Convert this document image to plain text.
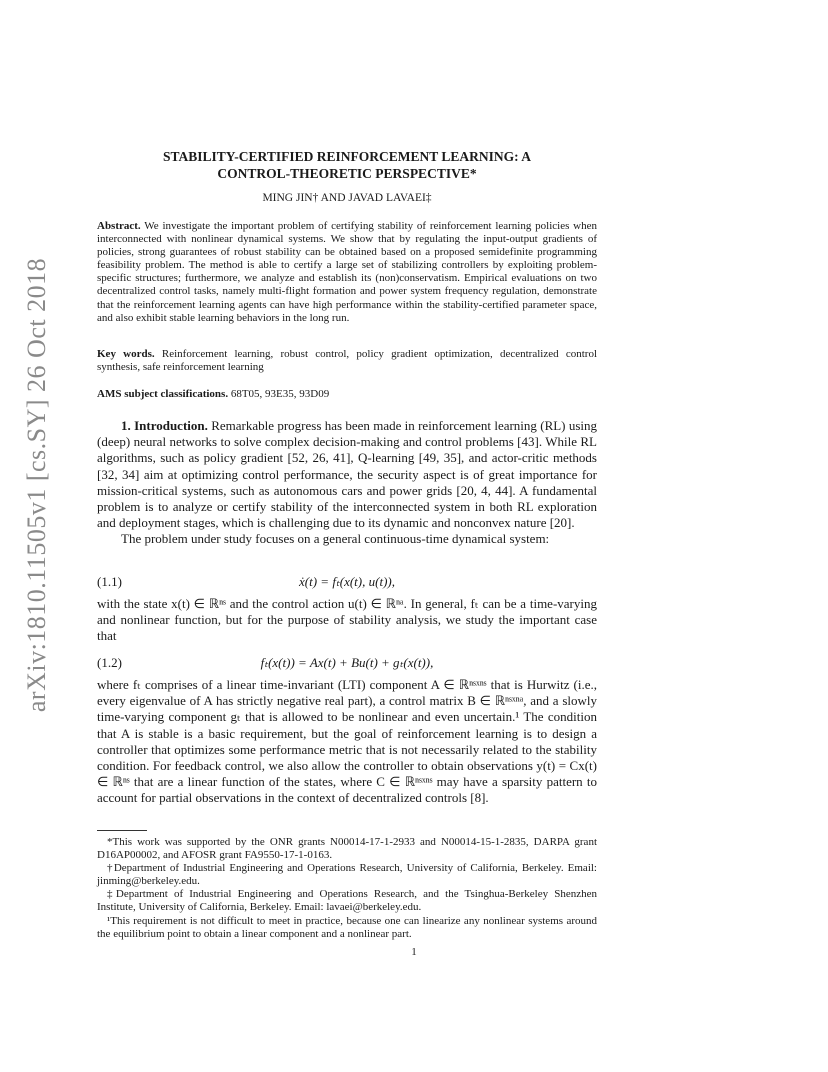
arXiv:1810.11505v1 [cs.SY] 26 Oct 2018
STABILITY-CERTIFIED REINFORCEMENT LEARNING: A
CONTROL-THEORETIC PERSPECTIVE*
MING JIN† AND JAVAD LAVAEI‡

Abstract. We investigate the important problem of certifying stability of reinforcement learning policies when interconnected with nonlinear dynamical systems. We show that by regulating the input-output gradients of policies, strong guarantees of robust stability can be obtained based on a proposed semidefinite programming feasibility problem. The method is able to certify a large set of stabilizing controllers by exploiting problem-specific structures; furthermore, we analyze and establish its (non)conservatism. Empirical evaluations on two decentralized control tasks, namely multi-flight formation and power system frequency regulation, demonstrate that the reinforcement learning agents can have high performance within the stability-certified parameter space, and also exhibit stable learning behaviors in the long run.

Key words. Reinforcement learning, robust control, policy gradient optimization, decentralized control synthesis, safe reinforcement learning

AMS subject classifications. 68T05, 93E35, 93D09

1. Introduction. Remarkable progress has been made in reinforcement learning (RL) using (deep) neural networks to solve complex decision-making and control problems [43]. While RL algorithms, such as policy gradient [52, 26, 41], Q-learning [49, 35], and actor-critic methods [32, 34] aim at optimizing control performance, the security aspect is of great importance for mission-critical systems, such as autonomous cars and power grids [20, 4, 44]. A fundamental problem is to analyze or certify stability of the interconnected system in both RL exploration and deployment stages, which is challenging due to its dynamic and nonconvex nature [20].

The problem under study focuses on a general continuous-time dynamical system:

(1.1)	ẋ(t) = fₜ(x(t), u(t)),
with the state x(t) ∈ ℝⁿˢ and the control action u(t) ∈ ℝⁿᵃ. In general, fₜ can be a time-varying and nonlinear function, but for the purpose of stability analysis, we study the important case that
(1.2)	fₜ(x(t)) = Ax(t) + Bu(t) + gₜ(x(t)),
where fₜ comprises of a linear time-invariant (LTI) component A ∈ ℝⁿˢˣⁿˢ that is Hurwitz (i.e., every eigenvalue of A has strictly negative real part), a control matrix B ∈ ℝⁿˢˣⁿᵃ, and a slowly time-varying component gₜ that is allowed to be nonlinear and even uncertain.¹ The condition that A is stable is a basic requirement, but the goal of reinforcement learning is to design a controller that optimizes some performance metric that is not necessarily related to the stability condition. For feedback control, we also allow the controller to obtain observations y(t) = Cx(t) ∈ ℝⁿˢ that are a linear function of the states, where C ∈ ℝⁿˢˣⁿˢ may have a sparsity pattern to account for partial observations in the context of decentralized controls [8].

*This work was supported by the ONR grants N00014-17-1-2933 and N00014-15-1-2835, DARPA grant D16AP00002, and AFOSR grant FA9550-17-1-0163.

†Department of Industrial Engineering and Operations Research, University of California, Berkeley. Email: jinming@berkeley.edu.

‡Department of Industrial Engineering and Operations Research, and the Tsinghua-Berkeley Shenzhen Institute, University of California, Berkeley. Email: lavaei@berkeley.edu.

¹This requirement is not difficult to meet in practice, because one can linearize any nonlinear systems around the equilibrium point to obtain a linear component and a nonlinear part.

1
